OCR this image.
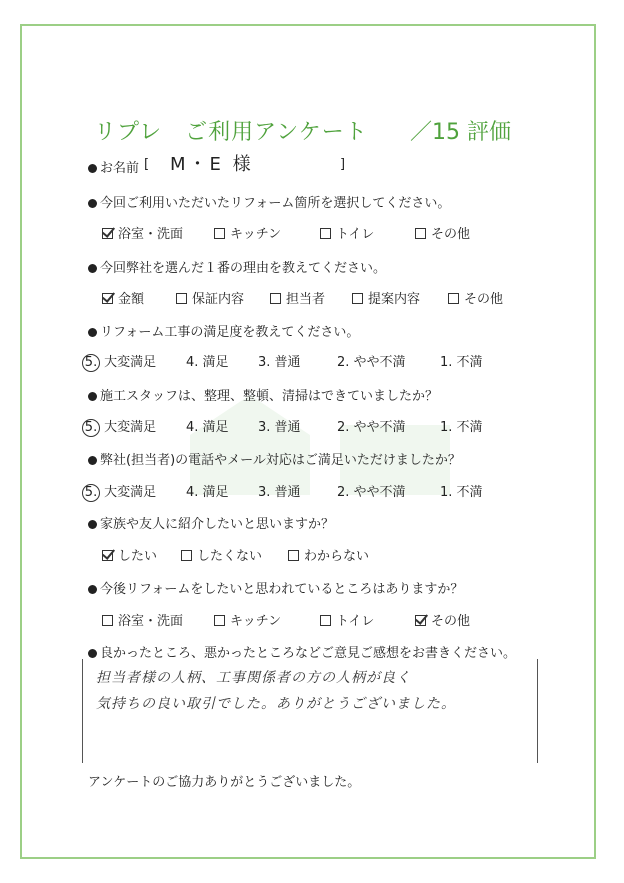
リプレ　ご利用アンケート ／15 評価
お名前 [ M・E 様	]
今回ご利用いただいたリフォーム箇所を選択してください。
浴室・洗面	キッチン	トイレ	その他
今回弊社を選んだ１番の理由を教えてください。
金額	保証内容	担当者	提案内容	その他
リフォーム工事の満足度を教えてください。
5. 大変満足 4. 満足 3. 普通	2. やや不満	1. 不満
施工スタッフは、整理、整頓、清掃はできていましたか？
5. 大変満足 4. 満足 3. 普通	2. やや不満	1. 不満
弊社(担当者)の電話やメール対応はご満足いただけましたか？
5. 大変満足 4. 満足 3. 普通	2. やや不満	1. 不満
家族や友人に紹介したいと思いますか？
したい	したくない	わからない
今後リフォームをしたいと思われているところはありますか？
浴室・洗面	キッチン	トイレ	その他
良かったところ、悪かったところなどご意見ご感想をお書きください。
担当者様の人柄、工事関係者の方の人柄が良く
気持ちの良い取引でした。ありがとうございました。
アンケートのご協力ありがとうございました。
